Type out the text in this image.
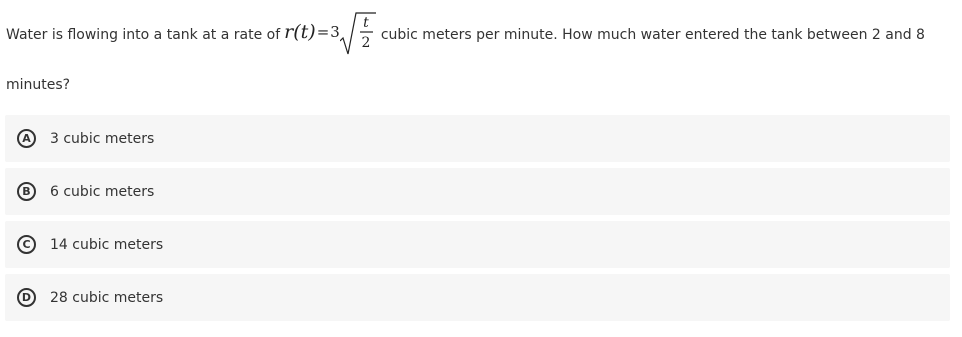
Water is flowing into a tank at a rate of r(t) = 3 t
2 cubic meters per minute. How much water entered the tank between 2 and 8
minutes?
A	3 cubic meters
B	6 cubic meters
C	14 cubic meters
D	28 cubic meters
